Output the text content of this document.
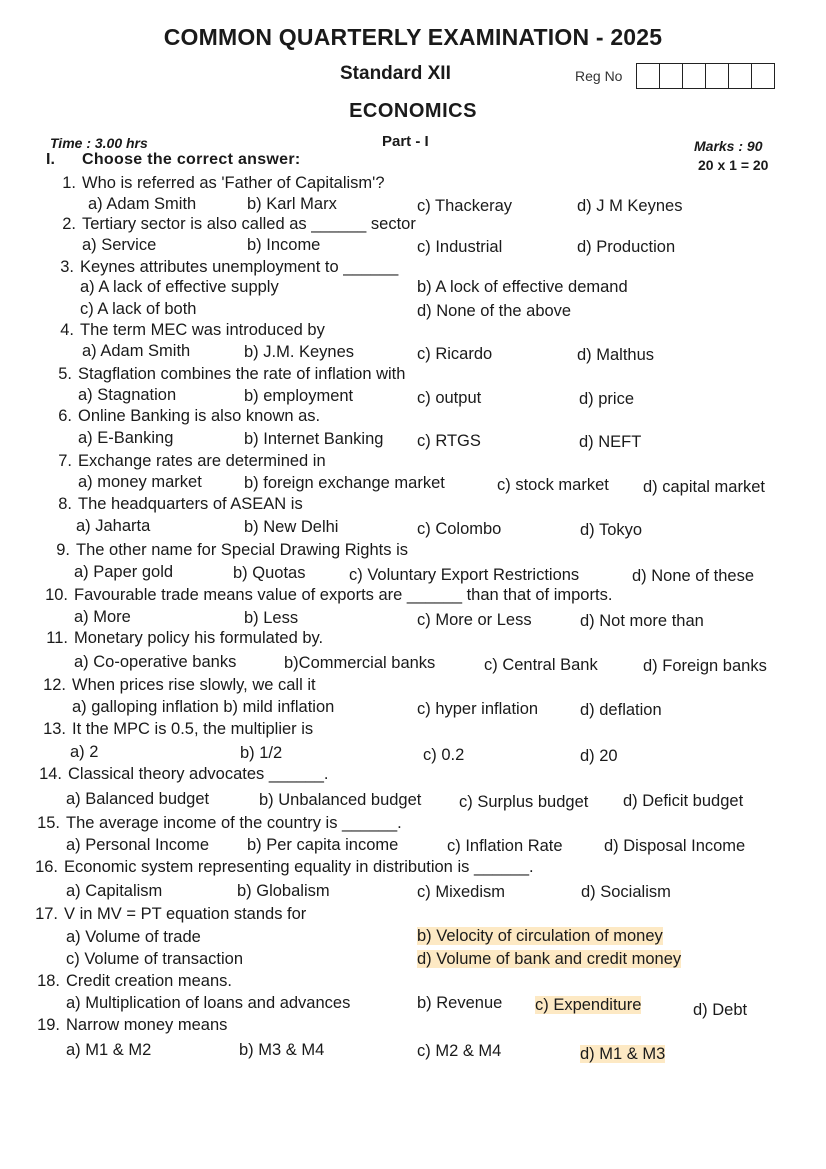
COMMON QUARTERLY EXAMINATION - 2025
Standard XII	Reg No
ECONOMICS
Time : 3.00 hrs	Part - I	Marks : 90
20 x 1 = 20
I. Choose the correct answer:
1. Who is referred as 'Father of Capitalism'?
a) Adam Smith	b) Karl Marx	c) Thackeray	d) J M Keynes
2. Tertiary sector is also called as ______ sector
a) Service	b) Income	c) Industrial	d) Production
3. Keynes attributes unemployment to ______
a) A lack of effective supply	b) A lock of effective demand
c) A lack of both	d) None of the above
4. The term MEC was introduced by
a) Adam Smith	b) J.M. Keynes	c) Ricardo	d) Malthus
5. Stagflation combines the rate of inflation with
a) Stagnation	b) employment	c) output	d) price
6. Online Banking is also known as.
a) E-Banking	b) Internet Banking c) RTGS	d) NEFT
7. Exchange rates are determined in
a) money market	b) foreign exchange market	c) stock market d) capital market
8. The headquarters of ASEAN is
a) Jaharta	b) New Delhi	c) Colombo	d) Tokyo
9. The other name for Special Drawing Rights is
a) Paper gold	b) Quotas	c) Voluntary Export Restrictions	d) None of these
10. Favourable trade means value of exports are ______ than that of imports.
a) More	b) Less	c) More or Less	d) Not more than
11. Monetary policy his formulated by.
a) Co-operative banks	b)Commercial banks	c) Central Bank	d) Foreign banks
12. When prices rise slowly, we call it
a) galloping inflation b) mild inflation	c) hyper inflation	d) deflation
13. It the MPC is 0.5, the multiplier is
a) 2	b) 1/2	c) 0.2	d) 20
14. Classical theory advocates ______.
a) Balanced budget	b) Unbalanced budget c) Surplus budget d) Deficit budget
15. The average income of the country is ______.
a) Personal Income b) Per capita income	c) Inflation Rate	d) Disposal Income
16. Economic system representing equality in distribution is ______.
a) Capitalism	b) Globalism	c) Mixedism	d) Socialism
17. V in MV = PT equation stands for
a) Volume of trade	b) Velocity of circulation of money
c) Volume of transaction	d) Volume of bank and credit money
18. Credit creation means.
a) Multiplication of loans and advances	b) Revenue c) Expenditure	d) Debt
19. Narrow money means
a) M1 & M2	b) M3 & M4	c) M2 & M4	d) M1 & M3
